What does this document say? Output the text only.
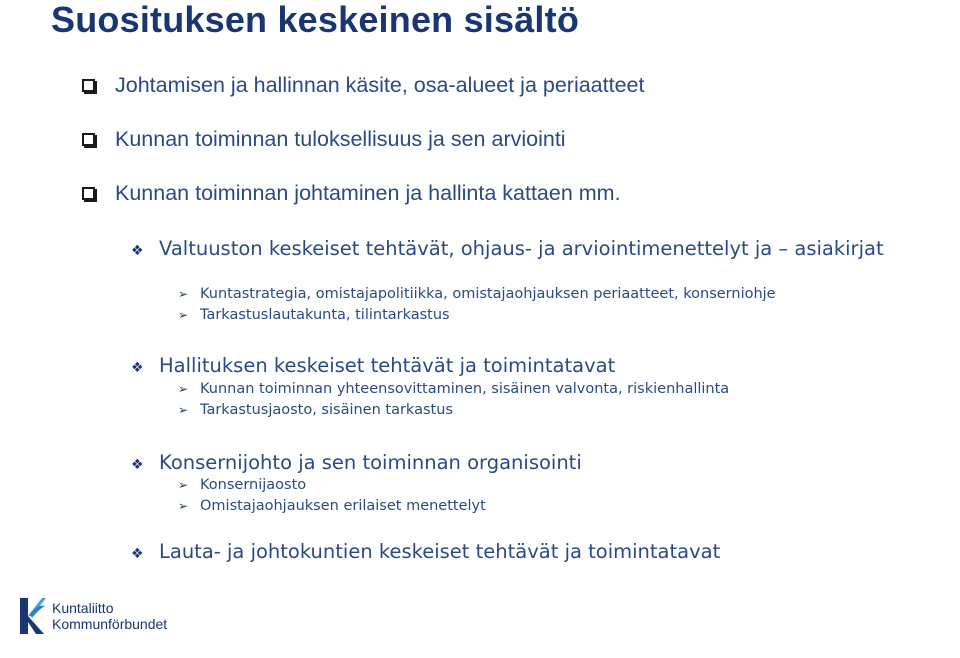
Suosituksen keskeinen sisältö
Johtamisen ja hallinnan käsite, osa-alueet ja periaatteet
Kunnan toiminnan tuloksellisuus ja sen arviointi
Kunnan toiminnan johtaminen ja hallinta kattaen mm.
❖ Valtuuston keskeiset tehtävät, ohjaus- ja arviointimenettelyt ja – asiakirjat
➢ Kuntastrategia, omistajapolitiikka, omistajaohjauksen periaatteet, konserniohje
➢ Tarkastuslautakunta, tilintarkastus
❖ Hallituksen keskeiset tehtävät ja toimintatavat
➢ Kunnan toiminnan yhteensovittaminen, sisäinen valvonta, riskienhallinta
➢ Tarkastusjaosto, sisäinen tarkastus
❖ Konsernijohto ja sen toiminnan organisointi
➢ Konsernijaosto
➢ Omistajaohjauksen erilaiset menettelyt
❖ Lauta- ja johtokuntien keskeiset tehtävät ja toimintatavat
Kuntaliitto
Kommunförbundet
